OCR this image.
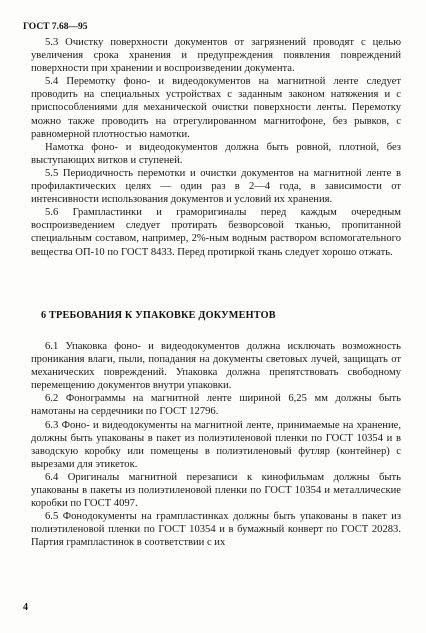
ГОСТ 7.68—95

5.3 Очистку поверхности документов от загрязнений проводят с целью увеличения срока хранения и предупреждения появления повреждений поверхности при хранении и воспроизведении документа.

5.4 Перемотку фоно- и видеодокументов на магнитной ленте следует проводить на специальных устройствах с заданным законом натяжения и с приспособлениями для механической очистки поверхности ленты. Перемотку можно также проводить на отрегулированном магнитофоне, без рывков, с равномерной плотностью намотки.

Намотка фоно- и видеодокументов должна быть ровной, плотной, без выступающих витков и ступеней.

5.5 Периодичность перемотки и очистки документов на магнитной ленте в профилактических целях — один раз в 2—4 года, в зависимости от интенсивности использования документов и условий их хранения.

5.6 Грампластинки и граморигиналы перед каждым очередным воспроизведением следует протирать безворсовой тканью, пропитанной специальным составом, например, 2%-ным водным раствором вспомогательного вещества ОП-10 по ГОСТ 8433. Перед протиркой ткань следует хорошо отжать.

6 ТРЕБОВАНИЯ К УПАКОВКЕ ДОКУМЕНТОВ

6.1 Упаковка фоно- и видеодокументов должна исключать возможность проникания влаги, пыли, попадания на документы световых лучей, защищать от механических повреждений. Упаковка должна препятствовать свободному перемещению документов внутри упаковки.

6.2 Фонограммы на магнитной ленте шириной 6,25 мм должны быть намотаны на сердечники по ГОСТ 12796.

6.3 Фоно- и видеодокументы на магнитной ленте, принимаемые на хранение, должны быть упакованы в пакет из полиэтиленовой пленки по ГОСТ 10354 и в заводскую коробку или помещены в полиэтиленовый футляр (контейнер) с вырезами для этикеток.

6.4 Оригиналы магнитной перезаписи к кинофильмам должны быть упакованы в пакеты из полиэтиленовой пленки по ГОСТ 10354 и металлические коробки по ГОСТ 4097.

6.5 Фонодокументы на грампластинках должны быть упакованы в пакет из полиэтиленовой пленки по ГОСТ 10354 и в бумажный конверт по ГОСТ 20283. Партия грампластинок в соответствии с их

4
